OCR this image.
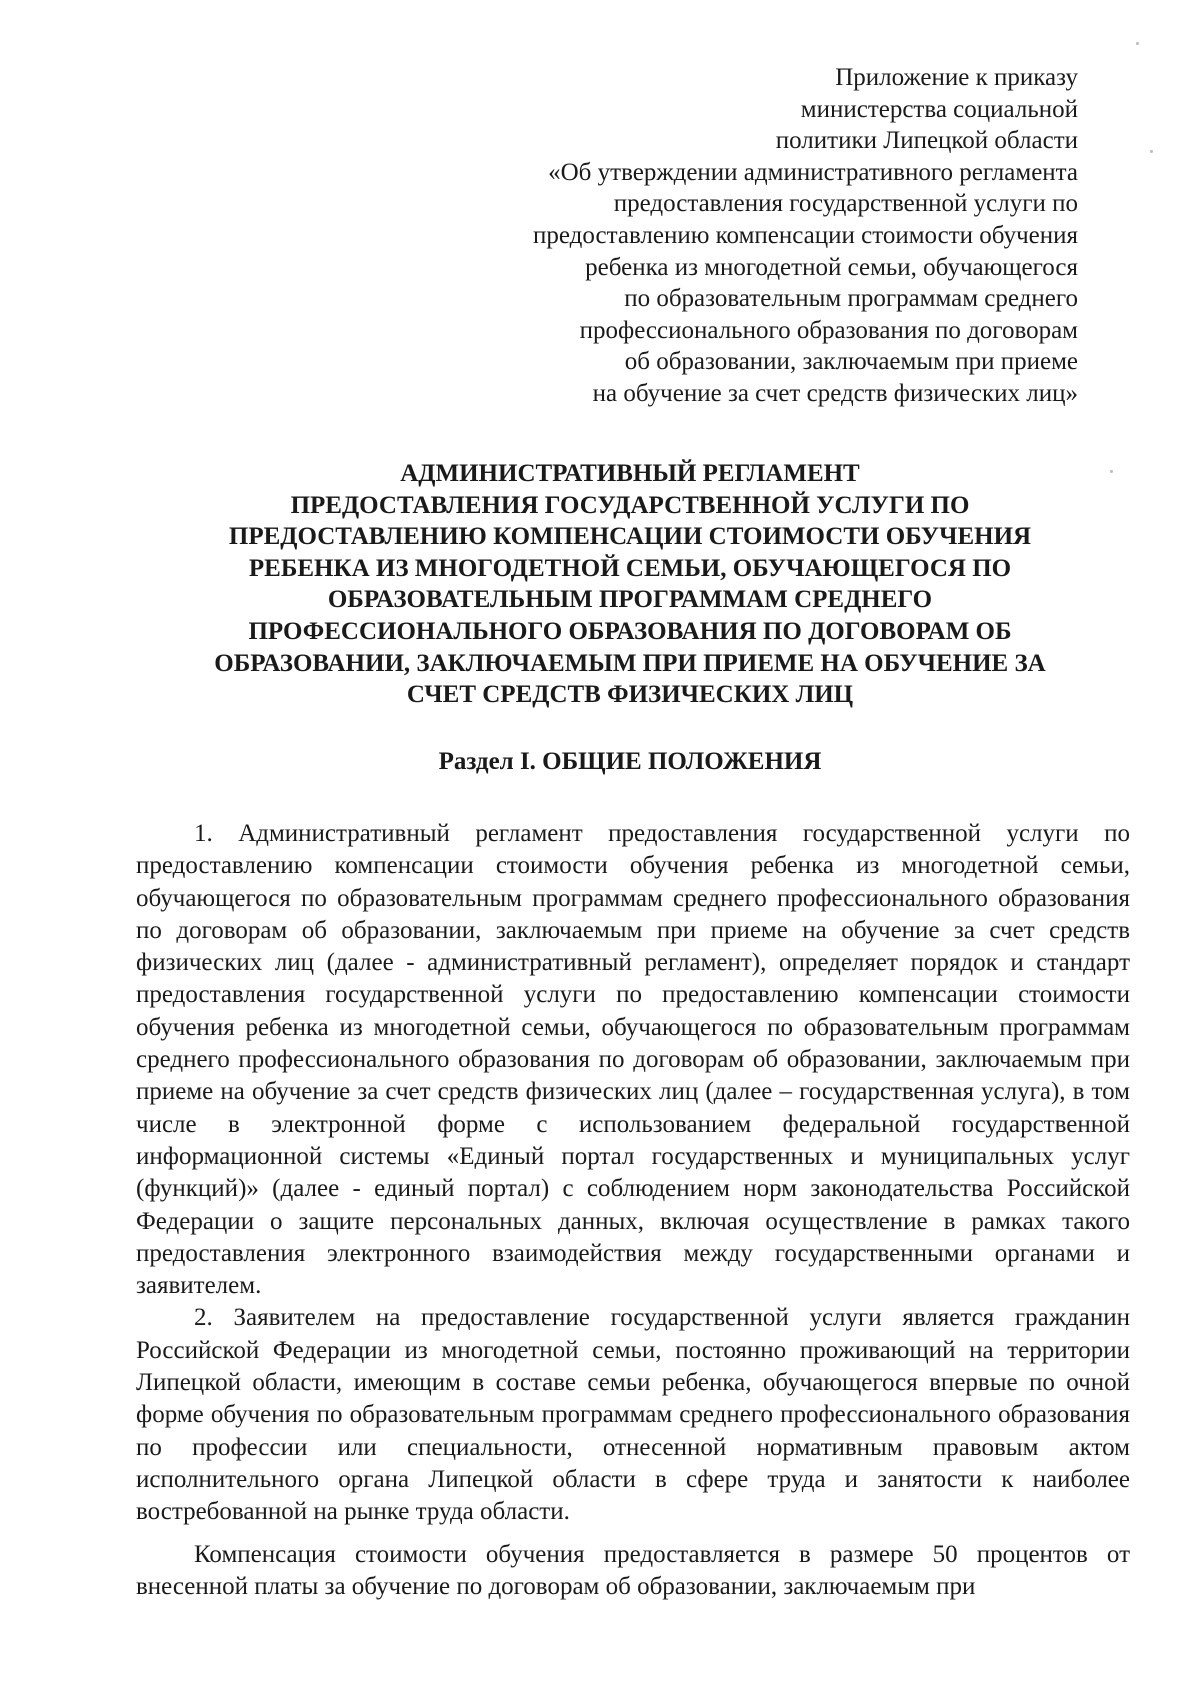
Приложение к приказу
министерства социальной
политики Липецкой области
«Об утверждении административного регламента
предоставления государственной услуги по
предоставлению компенсации стоимости обучения
ребенка из многодетной семьи, обучающегося
по образовательным программам среднего
профессионального образования по договорам
об образовании, заключаемым при приеме
на обучение за счет средств физических лиц»
АДМИНИСТРАТИВНЫЙ РЕГЛАМЕНТ
ПРЕДОСТАВЛЕНИЯ ГОСУДАРСТВЕННОЙ УСЛУГИ ПО
ПРЕДОСТАВЛЕНИЮ КОМПЕНСАЦИИ СТОИМОСТИ ОБУЧЕНИЯ
РЕБЕНКА ИЗ МНОГОДЕТНОЙ СЕМЬИ, ОБУЧАЮЩЕГОСЯ ПО
ОБРАЗОВАТЕЛЬНЫМ ПРОГРАММАМ СРЕДНЕГО
ПРОФЕССИОНАЛЬНОГО ОБРАЗОВАНИЯ ПО ДОГОВОРАМ ОБ
ОБРАЗОВАНИИ, ЗАКЛЮЧАЕМЫМ ПРИ ПРИЕМЕ НА ОБУЧЕНИЕ ЗА
СЧЕТ СРЕДСТВ ФИЗИЧЕСКИХ ЛИЦ
Раздел I. ОБЩИЕ ПОЛОЖЕНИЯ

1. Административный регламент предоставления государственной услуги по предоставлению компенсации стоимости обучения ребенка из многодетной семьи, обучающегося по образовательным программам среднего профессионального образования по договорам об образовании, заключаемым при приеме на обучение за счет средств физических лиц (далее - административный регламент), определяет порядок и стандарт предоставления государственной услуги по предоставлению компенсации стоимости обучения ребенка из многодетной семьи, обучающегося по образовательным программам среднего профессионального образования по договорам об образовании, заключаемым при приеме на обучение за счет средств физических лиц (далее – государственная услуга), в том числе в электронной форме с использованием федеральной государственной информационной системы «Единый портал государственных и муниципальных услуг (функций)» (далее - единый портал) с соблюдением норм законодательства Российской Федерации о защите персональных данных, включая осуществление в рамках такого предоставления электронного взаимодействия между государственными органами и заявителем.

2. Заявителем на предоставление государственной услуги является гражданин Российской Федерации из многодетной семьи, постоянно проживающий на территории Липецкой области, имеющим в составе семьи ребенка, обучающегося впервые по очной форме обучения по образовательным программам среднего профессионального образования по профессии или специальности, отнесенной нормативным правовым актом исполнительного органа Липецкой области в сфере труда и занятости к наиболее востребованной на рынке труда области.

Компенсация стоимости обучения предоставляется в размере 50 процентов от внесенной платы за обучение по договорам об образовании, заключаемым при
